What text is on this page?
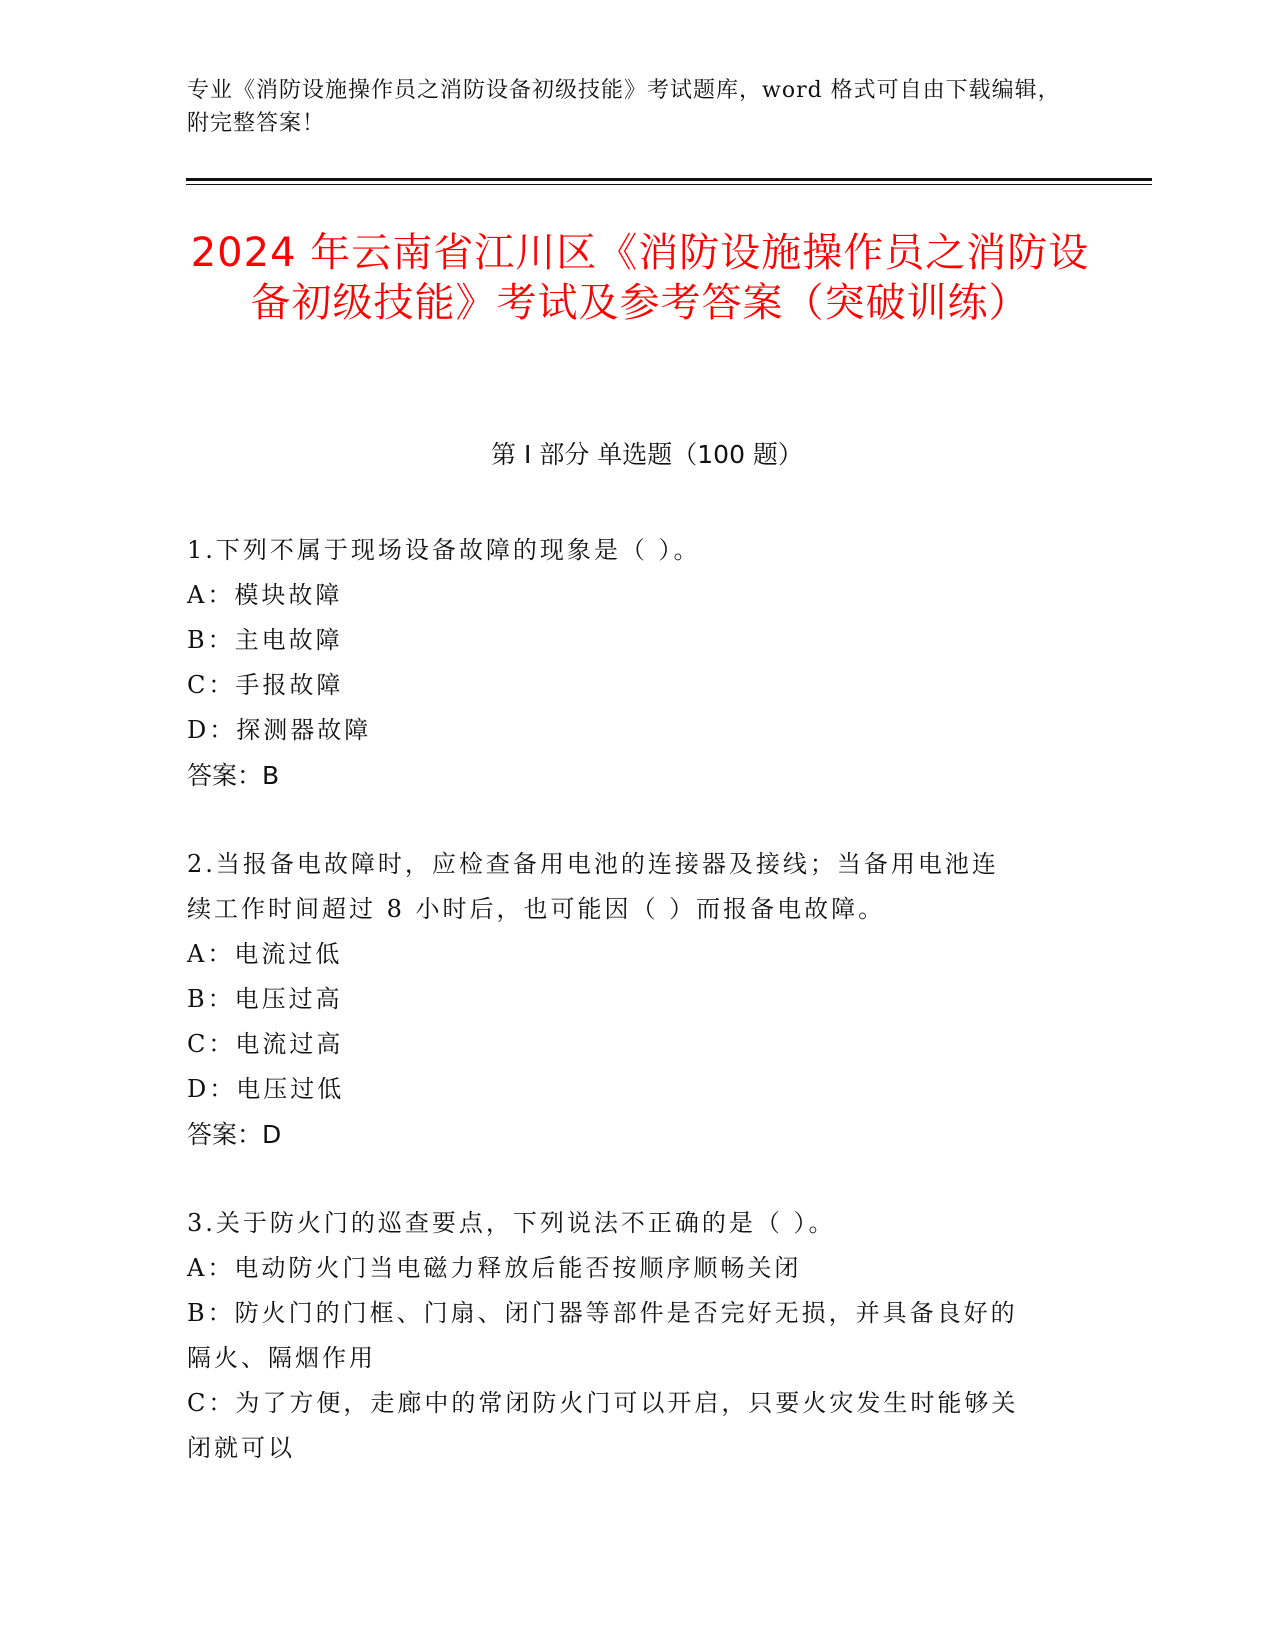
专业《消防设施操作员之消防设备初级技能》考试题库，word 格式可自由下载编辑，附完整答案！
2024 年云南省江川区《消防设施操作员之消防设备初级技能》考试及参考答案（突破训练）
第 I 部分 单选题（100 题）
1.下列不属于现场设备故障的现象是（ ）。
A：模块故障
B：主电故障
C：手报故障
D：探测器故障
答案：B
2.当报备电故障时，应检查备用电池的连接器及接线；当备用电池连
续工作时间超过 8 小时后，也可能因（ ）而报备电故障。
A：电流过低
B：电压过高
C：电流过高
D：电压过低
答案：D
3.关于防火门的巡查要点，下列说法不正确的是（ ）。
A：电动防火门当电磁力释放后能否按顺序顺畅关闭
B：防火门的门框、门扇、闭门器等部件是否完好无损，并具备良好的
隔火、隔烟作用
C：为了方便，走廊中的常闭防火门可以开启，只要火灾发生时能够关
闭就可以
